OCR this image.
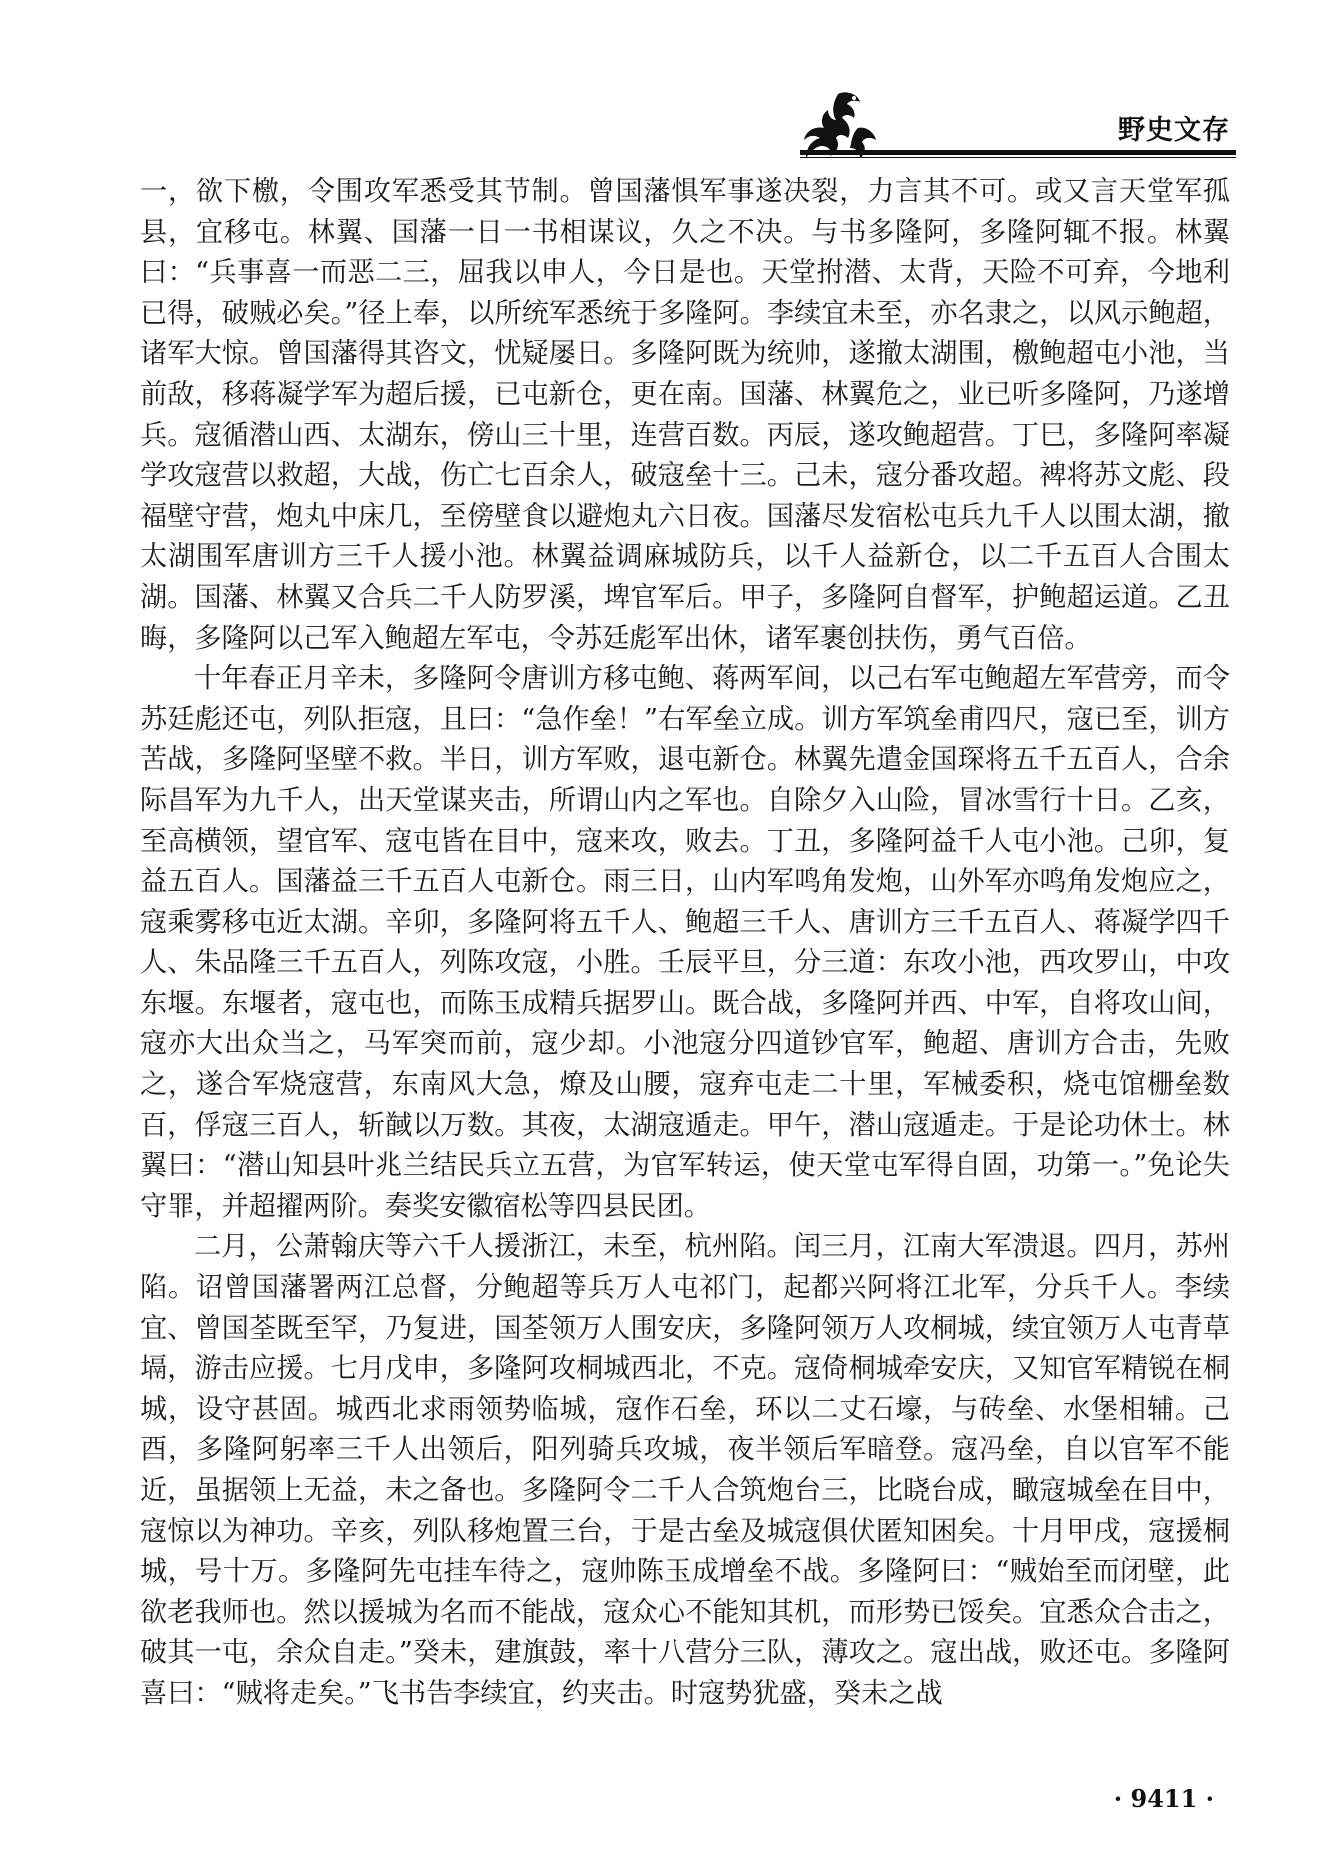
野史文存

一，欲下檄，令围攻军悉受其节制。曾国藩惧军事遂决裂，力言其不可。或又言天堂军孤县，宜移屯。林翼、国藩一日一书相谋议，久之不决。与书多隆阿，多隆阿辄不报。林翼曰：“兵事喜一而恶二三，屈我以申人，今日是也。天堂拊潜、太背，天险不可弃，今地利已得，破贼必矣。”径上奉，以所统军悉统于多隆阿。李续宜未至，亦名隶之，以风示鲍超，诸军大惊。曾国藩得其咨文，忧疑屡日。多隆阿既为统帅，遂撤太湖围，檄鲍超屯小池，当前敌，移蒋凝学军为超后援，已屯新仓，更在南。国藩、林翼危之，业已听多隆阿，乃遂增兵。寇循潜山西、太湖东，傍山三十里，连营百数。丙辰，遂攻鲍超营。丁巳，多隆阿率凝学攻寇营以救超，大战，伤亡七百余人，破寇垒十三。己未，寇分番攻超。裨将苏文彪、段福壁守营，炮丸中床几，至傍壁食以避炮丸六日夜。国藩尽发宿松屯兵九千人以围太湖，撤太湖围军唐训方三千人援小池。林翼益调麻城防兵，以千人益新仓，以二千五百人合围太湖。国藩、林翼又合兵二千人防罗溪，埤官军后。甲子，多隆阿自督军，护鲍超运道。乙丑晦，多隆阿以己军入鲍超左军屯，令苏廷彪军出休，诸军裹创扶伤，勇气百倍。

十年春正月辛未，多隆阿令唐训方移屯鲍、蒋两军间，以己右军屯鲍超左军营旁，而令苏廷彪还屯，列队拒寇，且曰：“急作垒！”右军垒立成。训方军筑垒甫四尺，寇已至，训方苦战，多隆阿坚壁不救。半日，训方军败，退屯新仓。林翼先遣金国琛将五千五百人，合余际昌军为九千人，出天堂谋夹击，所谓山内之军也。自除夕入山险，冒冰雪行十日。乙亥，至高横领，望官军、寇屯皆在目中，寇来攻，败去。丁丑，多隆阿益千人屯小池。己卯，复益五百人。国藩益三千五百人屯新仓。雨三日，山内军鸣角发炮，山外军亦鸣角发炮应之，寇乘雾移屯近太湖。辛卯，多隆阿将五千人、鲍超三千人、唐训方三千五百人、蒋凝学四千人、朱品隆三千五百人，列陈攻寇，小胜。壬辰平旦，分三道：东攻小池，西攻罗山，中攻东堰。东堰者，寇屯也，而陈玉成精兵据罗山。既合战，多隆阿并西、中军，自将攻山间，寇亦大出众当之，马军突而前，寇少却。小池寇分四道钞官军，鲍超、唐训方合击，先败之，遂合军烧寇营，东南风大急，燎及山腰，寇弃屯走二十里，军械委积，烧屯馆栅垒数百，俘寇三百人，斩馘以万数。其夜，太湖寇遁走。甲午，潜山寇遁走。于是论功休士。林翼曰：“潜山知县叶兆兰结民兵立五营，为官军转运，使天堂屯军得自固，功第一。”免论失守罪，并超擢两阶。奏奖安徽宿松等四县民团。

二月，公萧翰庆等六千人援浙江，未至，杭州陷。闰三月，江南大军溃退。四月，苏州陷。诏曾国藩署两江总督，分鲍超等兵万人屯祁门，起都兴阿将江北军，分兵千人。李续宜、曾国荃既至罕，乃复进，国荃领万人围安庆，多隆阿领万人攻桐城，续宜领万人屯青草塥，游击应援。七月戊申，多隆阿攻桐城西北，不克。寇倚桐城牵安庆，又知官军精锐在桐城，设守甚固。城西北求雨领势临城，寇作石垒，环以二丈石壕，与砖垒、水堡相辅。己酉，多隆阿躬率三千人出领后，阳列骑兵攻城，夜半领后军暗登。寇冯垒，自以官军不能近，虽据领上无益，未之备也。多隆阿令二千人合筑炮台三，比晓台成，瞰寇城垒在目中，寇惊以为神功。辛亥，列队移炮置三台，于是古垒及城寇俱伏匿知困矣。十月甲戌，寇援桐城，号十万。多隆阿先屯挂车待之，寇帅陈玉成增垒不战。多隆阿曰：“贼始至而闭壁，此欲老我师也。然以援城为名而不能战，寇众心不能知其机，而形势已馁矣。宜悉众合击之，破其一屯，余众自走。”癸未，建旗鼓，率十八营分三队，薄攻之。寇出战，败还屯。多隆阿喜曰：“贼将走矣。”飞书告李续宜，约夹击。时寇势犹盛，癸未之战

· 9411 ·
